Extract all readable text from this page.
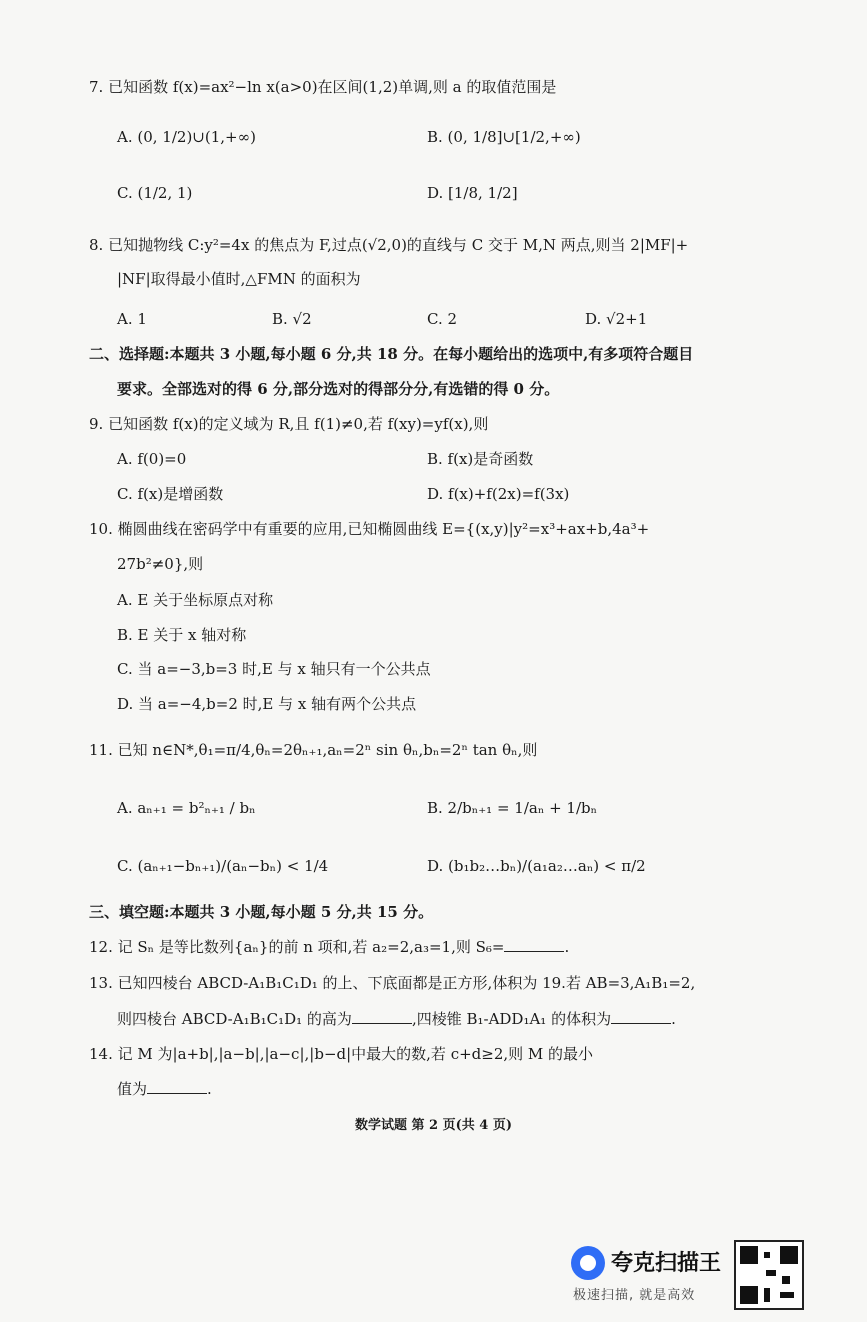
7. 已知函数 f(x)=ax²−ln x(a>0)在区间(1,2)单调,则 a 的取值范围是
A. (0, 1/2)∪(1,+∞)	B. (0, 1/8]∪[1/2,+∞)
C. (1/2, 1)	D. [1/8, 1/2]
8. 已知抛物线 C:y²=4x 的焦点为 F,过点(√2,0)的直线与 C 交于 M,N 两点,则当 2|MF|+
|NF|取得最小值时,△FMN 的面积为
A. 1	B. √2	C. 2	D. √2+1
二、选择题:本题共 3 小题,每小题 6 分,共 18 分。在每小题给出的选项中,有多项符合题目
要求。全部选对的得 6 分,部分选对的得部分分,有选错的得 0 分。
9. 已知函数 f(x)的定义域为 R,且 f(1)≠0,若 f(xy)=yf(x),则
A. f(0)=0	B. f(x)是奇函数
C. f(x)是增函数	D. f(x)+f(2x)=f(3x)
10. 椭圆曲线在密码学中有重要的应用,已知椭圆曲线 E={(x,y)|y²=x³+ax+b,4a³+
27b²≠0},则
A. E 关于坐标原点对称
B. E 关于 x 轴对称
C. 当 a=−3,b=3 时,E 与 x 轴只有一个公共点
D. 当 a=−4,b=2 时,E 与 x 轴有两个公共点
11. 已知 n∈N*,θ₁=π/4,θₙ=2θₙ₊₁,aₙ=2ⁿ sin θₙ,bₙ=2ⁿ tan θₙ,则
A. aₙ₊₁ = b²ₙ₊₁ / bₙ	B. 2/bₙ₊₁ = 1/aₙ + 1/bₙ
C. (aₙ₊₁−bₙ₊₁)/(aₙ−bₙ) < 1/4	D. (b₁b₂…bₙ)/(a₁a₂…aₙ) < π/2
三、填空题:本题共 3 小题,每小题 5 分,共 15 分。
12. 记 Sₙ 是等比数列{aₙ}的前 n 项和,若 a₂=2,a₃=1,则 S₆=	.
13. 已知四棱台 ABCD-A₁B₁C₁D₁ 的上、下底面都是正方形,体积为 19.若 AB=3,A₁B₁=2,
则四棱台 ABCD-A₁B₁C₁D₁ 的高为	,四棱锥 B₁-ADD₁A₁ 的体积为	.
14. 记 M 为|a+b|,|a−b|,|a−c|,|b−d|中最大的数,若 c+d≥2,则 M 的最小
值为	.
数学试题 第 2 页(共 4 页)
夸克扫描王
极速扫描, 就是高效
